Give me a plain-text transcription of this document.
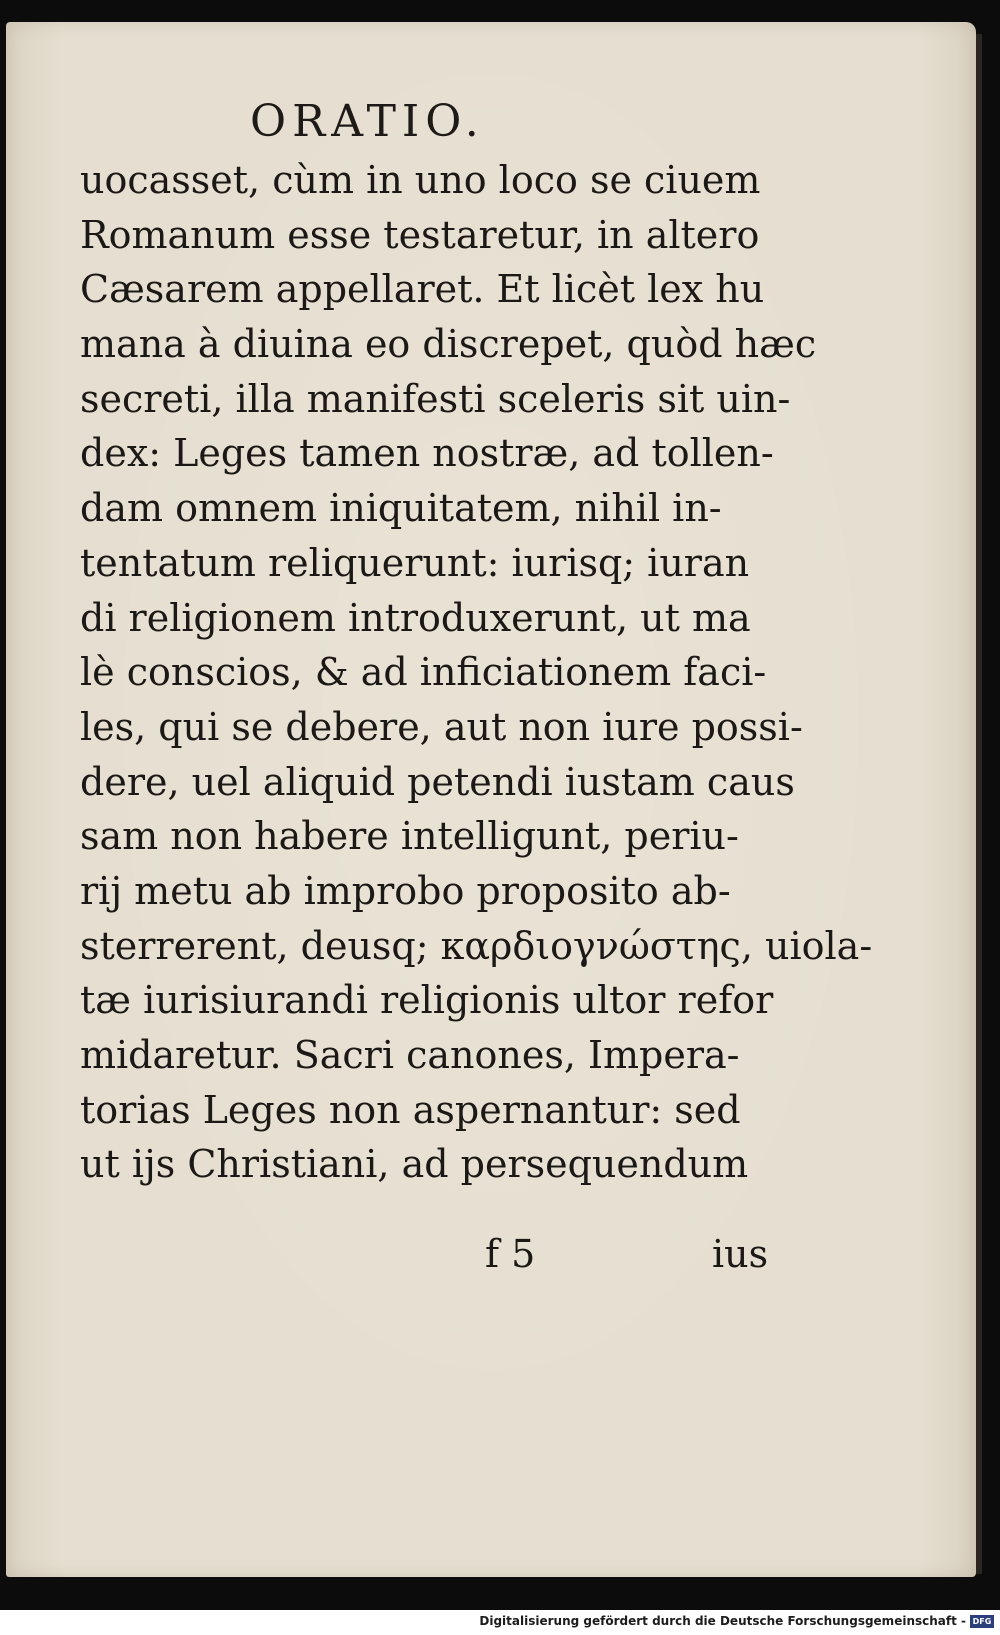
ORATIO.
uocasset, cùm in uno loco se ciuem
Romanum esse testaretur, in altero
Cæsarem appellaret. Et licèt lex hu
mana à diuina eo discrepet, quòd hæc
secreti, illa manifesti sceleris sit uin-
dex: Leges tamen nostræ, ad tollen-
dam omnem iniquitatem, nihil in-
tentatum reliquerunt: iurisq; iuran
di religionem introduxerunt, ut ma
lè conscios, & ad inficiationem faci-
les, qui se debere, aut non iure possi-
dere, uel aliquid petendi iustam caus
sam non habere intelligunt, periu-
rij metu ab improbo proposito ab-
sterrerent, deusq; καρδιογνώστης, uiola-
tæ iurisiurandi religionis ultor refor
midaretur. Sacri canones, Impera-
torias Leges non aspernantur: sed
ut ijs Christiani, ad persequendum
f 5	ius
Digitalisierung gefördert durch die Deutsche Forschungsgemeinschaft - DFG
